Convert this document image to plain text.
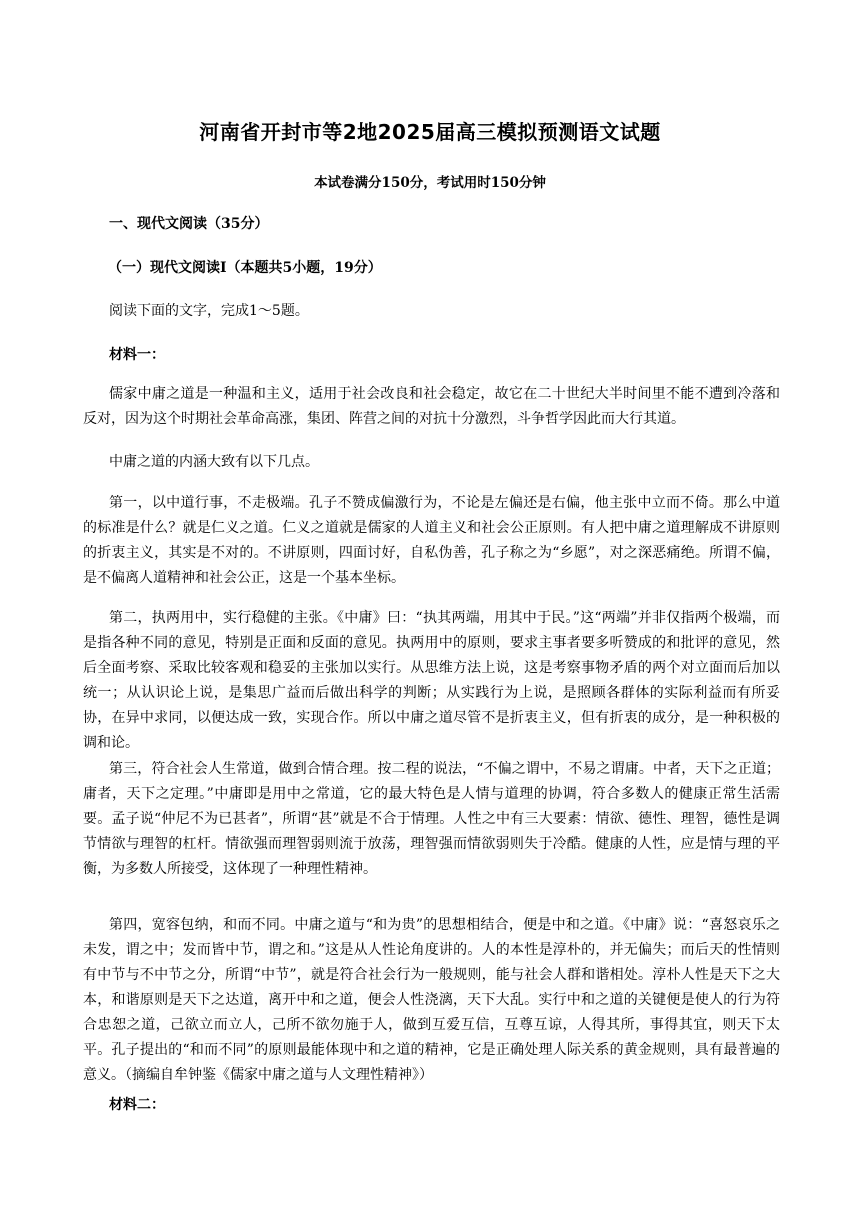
河南省开封市等2地2025届高三模拟预测语文试题
本试卷满分150分，考试用时150分钟
一、现代文阅读（35分）
（一）现代文阅读Ⅰ（本题共5小题，19分）
阅读下面的文字，完成1～5题。
材料一：
儒家中庸之道是一种温和主义，适用于社会改良和社会稳定，故它在二十世纪大半时间里不能不遭到冷落和反对，因为这个时期社会革命高涨，集团、阵营之间的对抗十分激烈，斗争哲学因此而大行其道。
中庸之道的内涵大致有以下几点。
第一，以中道行事，不走极端。孔子不赞成偏激行为，不论是左偏还是右偏，他主张中立而不倚。那么中道的标准是什么？就是仁义之道。仁义之道就是儒家的人道主义和社会公正原则。有人把中庸之道理解成不讲原则的折衷主义，其实是不对的。不讲原则，四面讨好，自私伪善，孔子称之为“乡愿”，对之深恶痛绝。所谓不偏，是不偏离人道精神和社会公正，这是一个基本坐标。
第二，执两用中，实行稳健的主张。《中庸》曰：“执其两端，用其中于民。”这“两端”并非仅指两个极端，而是指各种不同的意见，特别是正面和反面的意见。执两用中的原则，要求主事者要多听赞成的和批评的意见，然后全面考察、采取比较客观和稳妥的主张加以实行。从思维方法上说，这是考察事物矛盾的两个对立面而后加以统一；从认识论上说，是集思广益而后做出科学的判断；从实践行为上说，是照顾各群体的实际利益而有所妥协，在异中求同，以便达成一致，实现合作。所以中庸之道尽管不是折衷主义，但有折衷的成分，是一种积极的调和论。
第三，符合社会人生常道，做到合情合理。按二程的说法，“不偏之谓中，不易之谓庸。中者，天下之正道；庸者，天下之定理。”中庸即是用中之常道，它的最大特色是人情与道理的协调，符合多数人的健康正常生活需要。孟子说“仲尼不为已甚者”，所谓“甚”就是不合于情理。人性之中有三大要素：情欲、德性、理智，德性是调节情欲与理智的杠杆。情欲强而理智弱则流于放荡，理智强而情欲弱则失于冷酷。健康的人性，应是情与理的平衡，为多数人所接受，这体现了一种理性精神。
第四，宽容包纳，和而不同。中庸之道与“和为贵”的思想相结合，便是中和之道。《中庸》说：“喜怒哀乐之未发，谓之中；发而皆中节，谓之和。”这是从人性论角度讲的。人的本性是淳朴的，并无偏失；而后天的性情则有中节与不中节之分，所谓“中节”，就是符合社会行为一般规则，能与社会人群和谐相处。淳朴人性是天下之大本，和谐原则是天下之达道，离开中和之道，便会人性浇漓，天下大乱。实行中和之道的关键便是使人的行为符合忠恕之道，己欲立而立人，己所不欲勿施于人，做到互爱互信，互尊互谅，人得其所，事得其宜，则天下太平。孔子提出的“和而不同”的原则最能体现中和之道的精神，它是正确处理人际关系的黄金规则，具有最普遍的意义。（摘编自牟钟鉴《儒家中庸之道与人文理性精神》）
材料二：
